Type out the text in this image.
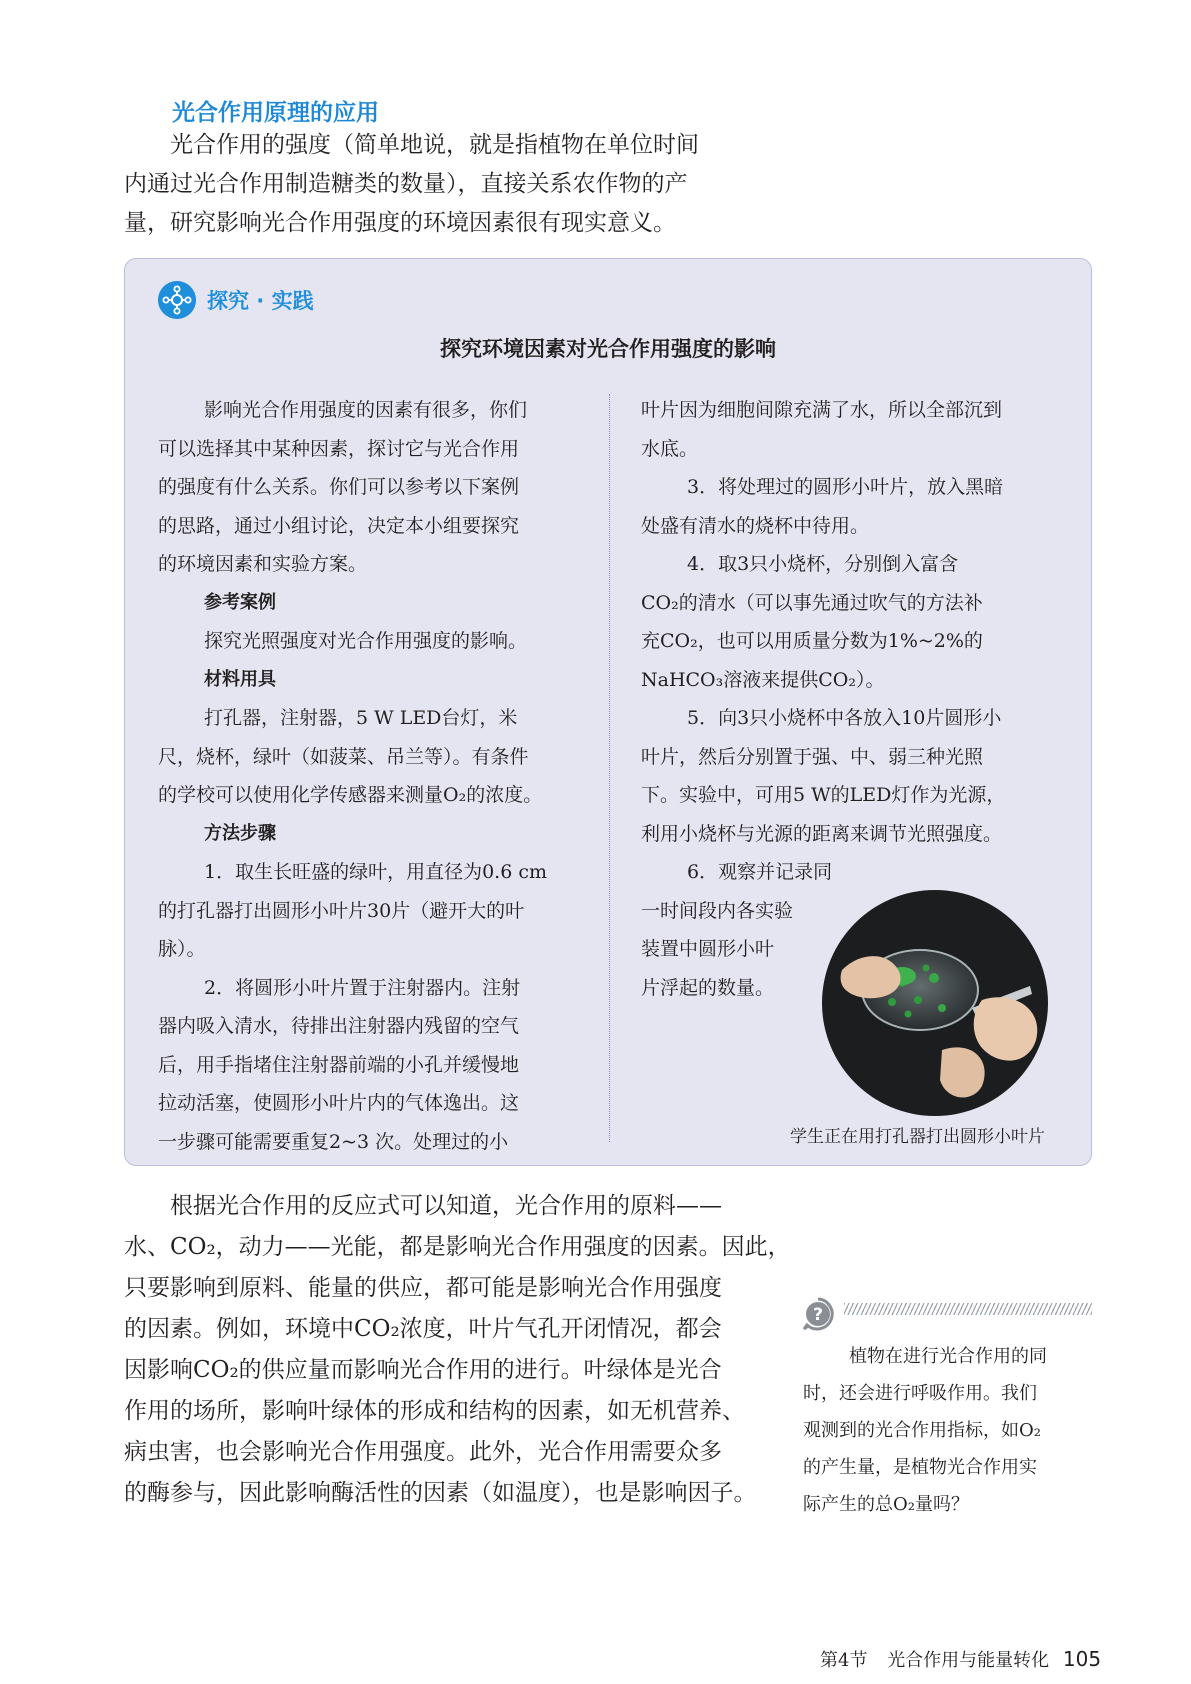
光合作用原理的应用
光合作用的强度（简单地说，就是指植物在单位时间
内通过光合作用制造糖类的数量），直接关系农作物的产
量，研究影响光合作用强度的环境因素很有现实意义。
探究 · 实践
探究环境因素对光合作用强度的影响
影响光合作用强度的因素有很多，你们
可以选择其中某种因素，探讨它与光合作用
的强度有什么关系。你们可以参考以下案例
的思路，通过小组讨论，决定本小组要探究
的环境因素和实验方案。
参考案例
探究光照强度对光合作用强度的影响。
材料用具
打孔器，注射器，5 W LED台灯，米
尺，烧杯，绿叶（如菠菜、吊兰等）。有条件
的学校可以使用化学传感器来测量O₂的浓度。
方法步骤
1．取生长旺盛的绿叶，用直径为0.6 cm
的打孔器打出圆形小叶片30片（避开大的叶
脉）。
2．将圆形小叶片置于注射器内。注射
器内吸入清水，待排出注射器内残留的空气
后，用手指堵住注射器前端的小孔并缓慢地
拉动活塞，使圆形小叶片内的气体逸出。这
一步骤可能需要重复2~3 次。处理过的小
叶片因为细胞间隙充满了水，所以全部沉到
水底。
3．将处理过的圆形小叶片，放入黑暗
处盛有清水的烧杯中待用。
4．取3只小烧杯，分别倒入富含
CO₂的清水（可以事先通过吹气的方法补
充CO₂，也可以用质量分数为1%~2%的
NaHCO₃溶液来提供CO₂）。
5．向3只小烧杯中各放入10片圆形小
叶片，然后分别置于强、中、弱三种光照
下。实验中，可用5 W的LED灯作为光源，
利用小烧杯与光源的距离来调节光照强度。
6．观察并记录同
一时间段内各实验
装置中圆形小叶
片浮起的数量。
学生正在用打孔器打出圆形小叶片
根据光合作用的反应式可以知道，光合作用的原料——
水、CO₂，动力——光能，都是影响光合作用强度的因素。因此，
只要影响到原料、能量的供应，都可能是影响光合作用强度
的因素。例如，环境中CO₂浓度，叶片气孔开闭情况，都会
因影响CO₂的供应量而影响光合作用的进行。叶绿体是光合
作用的场所，影响叶绿体的形成和结构的因素，如无机营养、
病虫害，也会影响光合作用强度。此外，光合作用需要众多
的酶参与，因此影响酶活性的因素（如温度），也是影响因子。
?
植物在进行光合作用的同
时，还会进行呼吸作用。我们
观测到的光合作用指标，如O₂
的产生量，是植物光合作用实
际产生的总O₂量吗？
第4节 光合作用与能量转化 105
